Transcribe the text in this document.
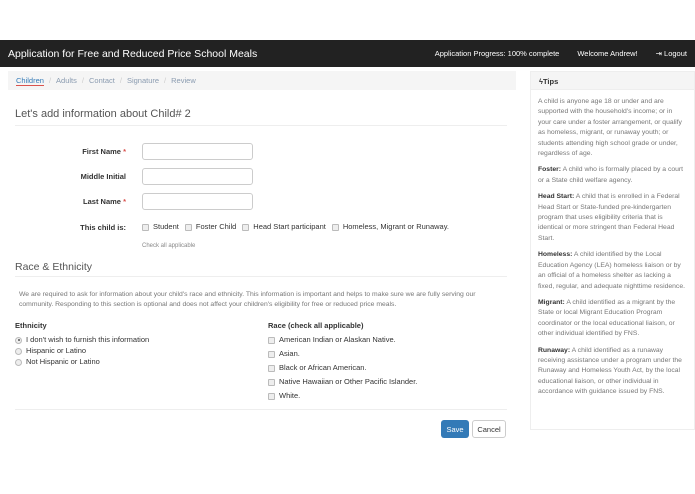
Application for Free and Reduced Price School Meals	Application Progress: 100% complete Welcome Andrew! ⇥ Logout
Children / Adults / Contact / Signature / Review
Let's add information about Child# 2
First Name *
Middle Initial
Last Name *
This child is:	Student	Foster Child	Head Start participant	Homeless, Migrant or Runaway.
Check all applicable
Race & Ethnicity
We are required to ask for information about your child's race and ethnicity. This information is important and helps to make sure we are fully serving our community. Responding to this section is optional and does not affect your children's eligibility for free or reduced price meals.
Ethnicity
I don't wish to furnish this information
Hispanic or Latino
Not Hispanic or Latino
Race (check all applicable)
American Indian or Alaskan Native.
Asian.
Black or African American.
Native Hawaiian or Other Pacific Islander.
White.
Save	Cancel
ϟTips

A child is anyone age 18 or under and are supported with the household's income; or in your care under a foster arrangement, or qualify as homeless, migrant, or runaway youth; or students attending high school grade or under, regardless of age.

Foster: A child who is formally placed by a court or a State child welfare agency.

Head Start: A child that is enrolled in a Federal Head Start or State-funded pre-kindergarten program that uses eligibility criteria that is identical or more stringent than Federal Head Start.

Homeless: A child identified by the Local Education Agency (LEA) homeless liaison or by an official of a homeless shelter as lacking a fixed, regular, and adequate nighttime residence.

Migrant: A child identified as a migrant by the State or local Migrant Education Program coordinator or the local educational liaison, or other individual identified by FNS.

Runaway: A child identified as a runaway receiving assistance under a program under the Runaway and Homeless Youth Act, by the local educational liaison, or other individual in accordance with guidance issued by FNS.
